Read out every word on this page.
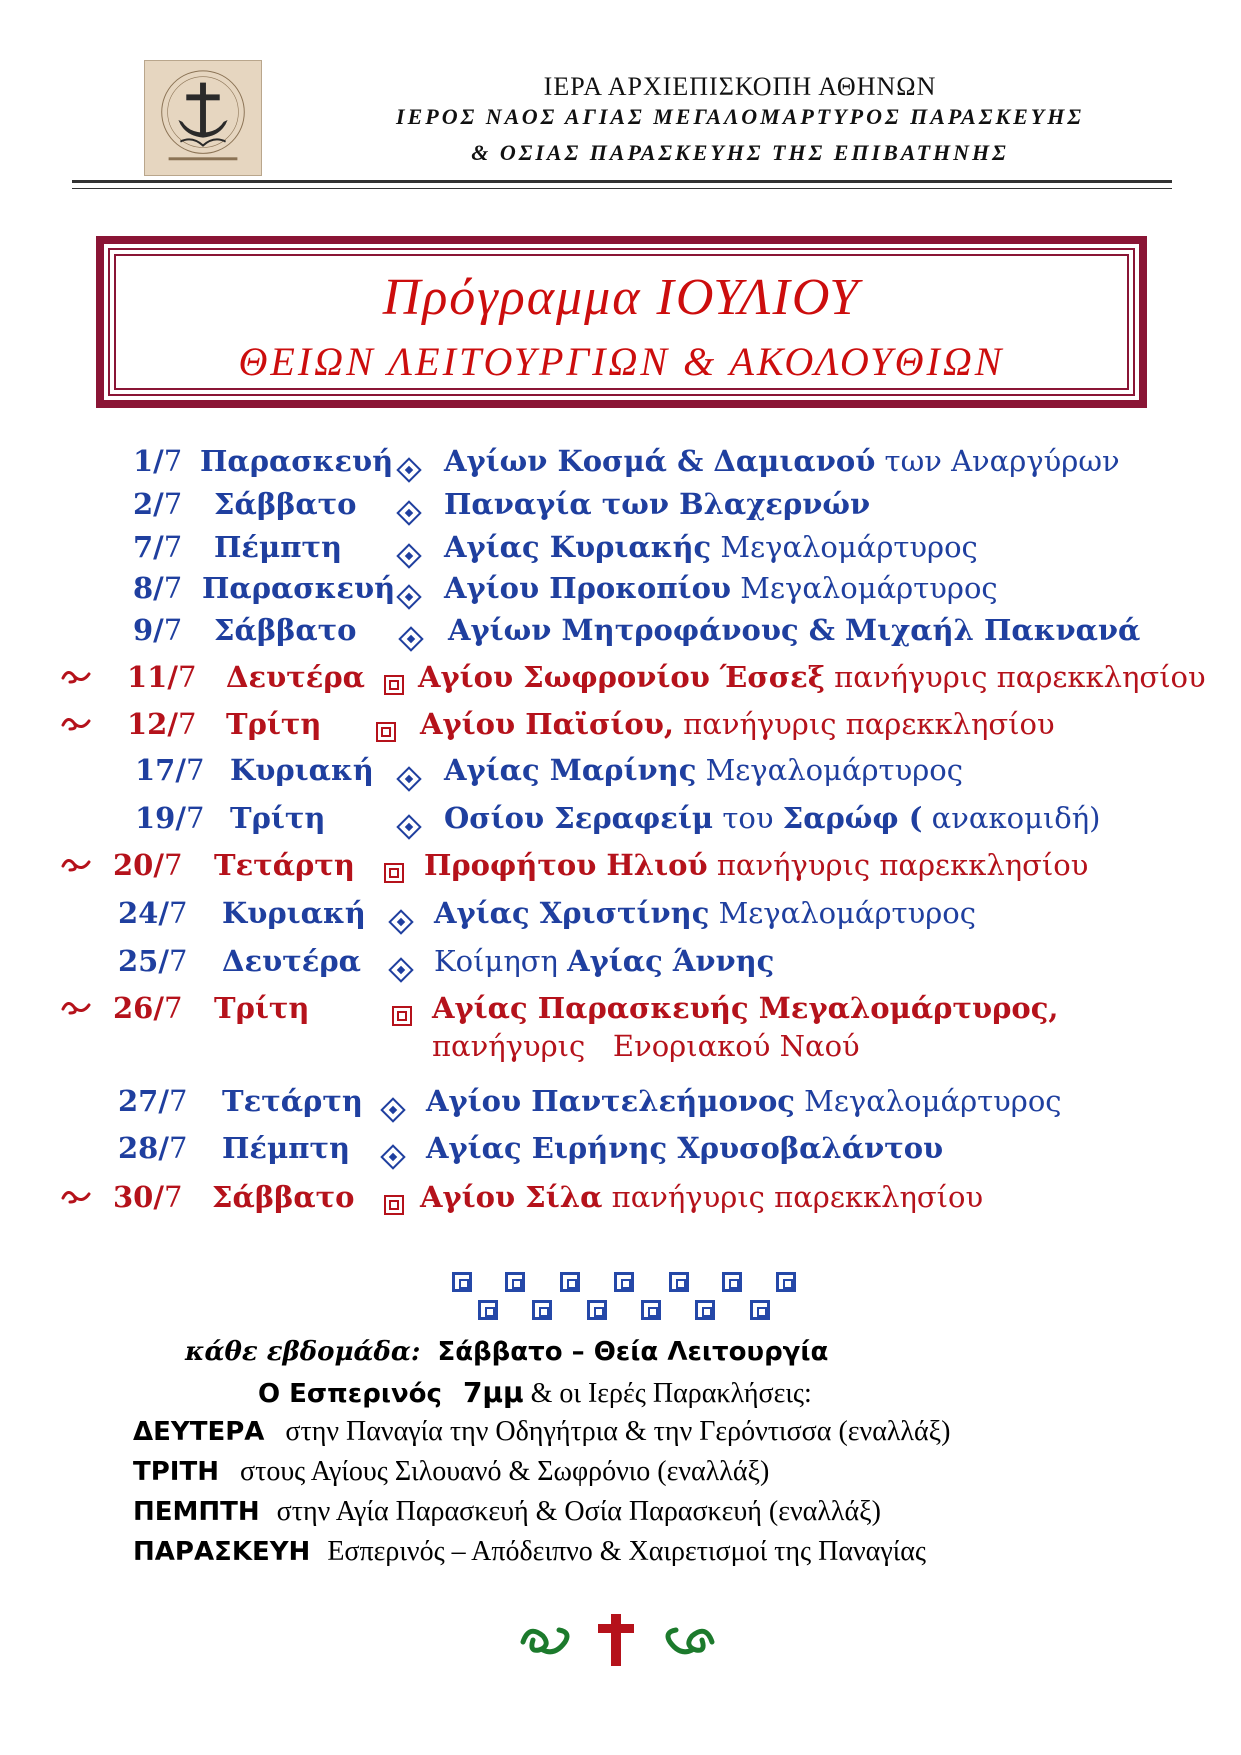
ΙΕΡΑ ΑΡΧΙΕΠΙΣΚΟΠΗ ΑΘΗΝΩΝ
ΙΕΡΟΣ ΝΑΟΣ ΑΓΙΑΣ ΜΕΓΑΛΟΜΑΡΤΥΡΟΣ ΠΑΡΑΣΚΕΥΗΣ
& ΟΣΙΑΣ ΠΑΡΑΣΚΕΥΗΣ ΤΗΣ ΕΠΙΒΑΤΗΝΗΣ
Πρόγραμμα ΙΟΥΛΙΟΥ
ΘΕΙΩΝ ΛΕΙΤΟΥΡΓΙΩΝ & ΑΚΟΛΟΥΘΙΩΝ
1/7 Παρασκευή Αγίων Κοσμά & Δαμιανού των Αναργύρων
2/7 Σάββατο	Παναγία των Βλαχερνών
7/7 Πέμπτη	Αγίας Κυριακής Μεγαλομάρτυρος
8/7 Παρασκευή Αγίου Προκοπίου Μεγαλομάρτυρος
9/7 Σάββατο	Αγίων Μητροφάνους & Μιχαήλ Πακνανά
11/7 Δευτέρα Αγίου Σωφρονίου Έσσεξ πανήγυρις παρεκκλησίου
12/7 Τρίτη	Αγίου Παϊσίου, πανήγυρις παρεκκλησίου
17/7 Κυριακή Αγίας Μαρίνης Μεγαλομάρτυρος
19/7 Τρίτη	Οσίου Σεραφείμ του Σαρώφ ( ανακομιδή)
20/7 Τετάρτη Προφήτου Ηλιού πανήγυρις παρεκκλησίου
24/7 Κυριακή Αγίας Χριστίνης Μεγαλομάρτυρος
25/7 Δευτέρα	Κοίμηση Αγίας Άννης
26/7 Τρίτη	Αγίας Παρασκευής Μεγαλομάρτυρος,
πανήγυρις   Ενοριακού Ναού
27/7 Τετάρτη Αγίου Παντελεήμονος Μεγαλομάρτυρος
28/7 Πέμπτη	Αγίας Ειρήνης Χρυσοβαλάντου
30/7 Σάββατο Αγίου Σίλα πανήγυρις παρεκκλησίου
κάθε εβδομάδα: Σάββατο – Θεία Λειτουργία
Ο Εσπερινός 7μμ & οι Ιερές Παρακλήσεις:
ΔΕΥΤΕΡΑ στην Παναγία την Οδηγήτρια & την Γερόντισσα (εναλλάξ)
ΤΡΙΤΗ στους Αγίους Σιλουανό & Σωφρόνιο (εναλλάξ)
ΠΕΜΠΤΗ στην Αγία Παρασκευή & Οσία Παρασκευή (εναλλάξ)
ΠΑΡΑΣΚΕΥΗ Εσπερινός – Απόδειπνο & Χαιρετισμοί της Παναγίας
